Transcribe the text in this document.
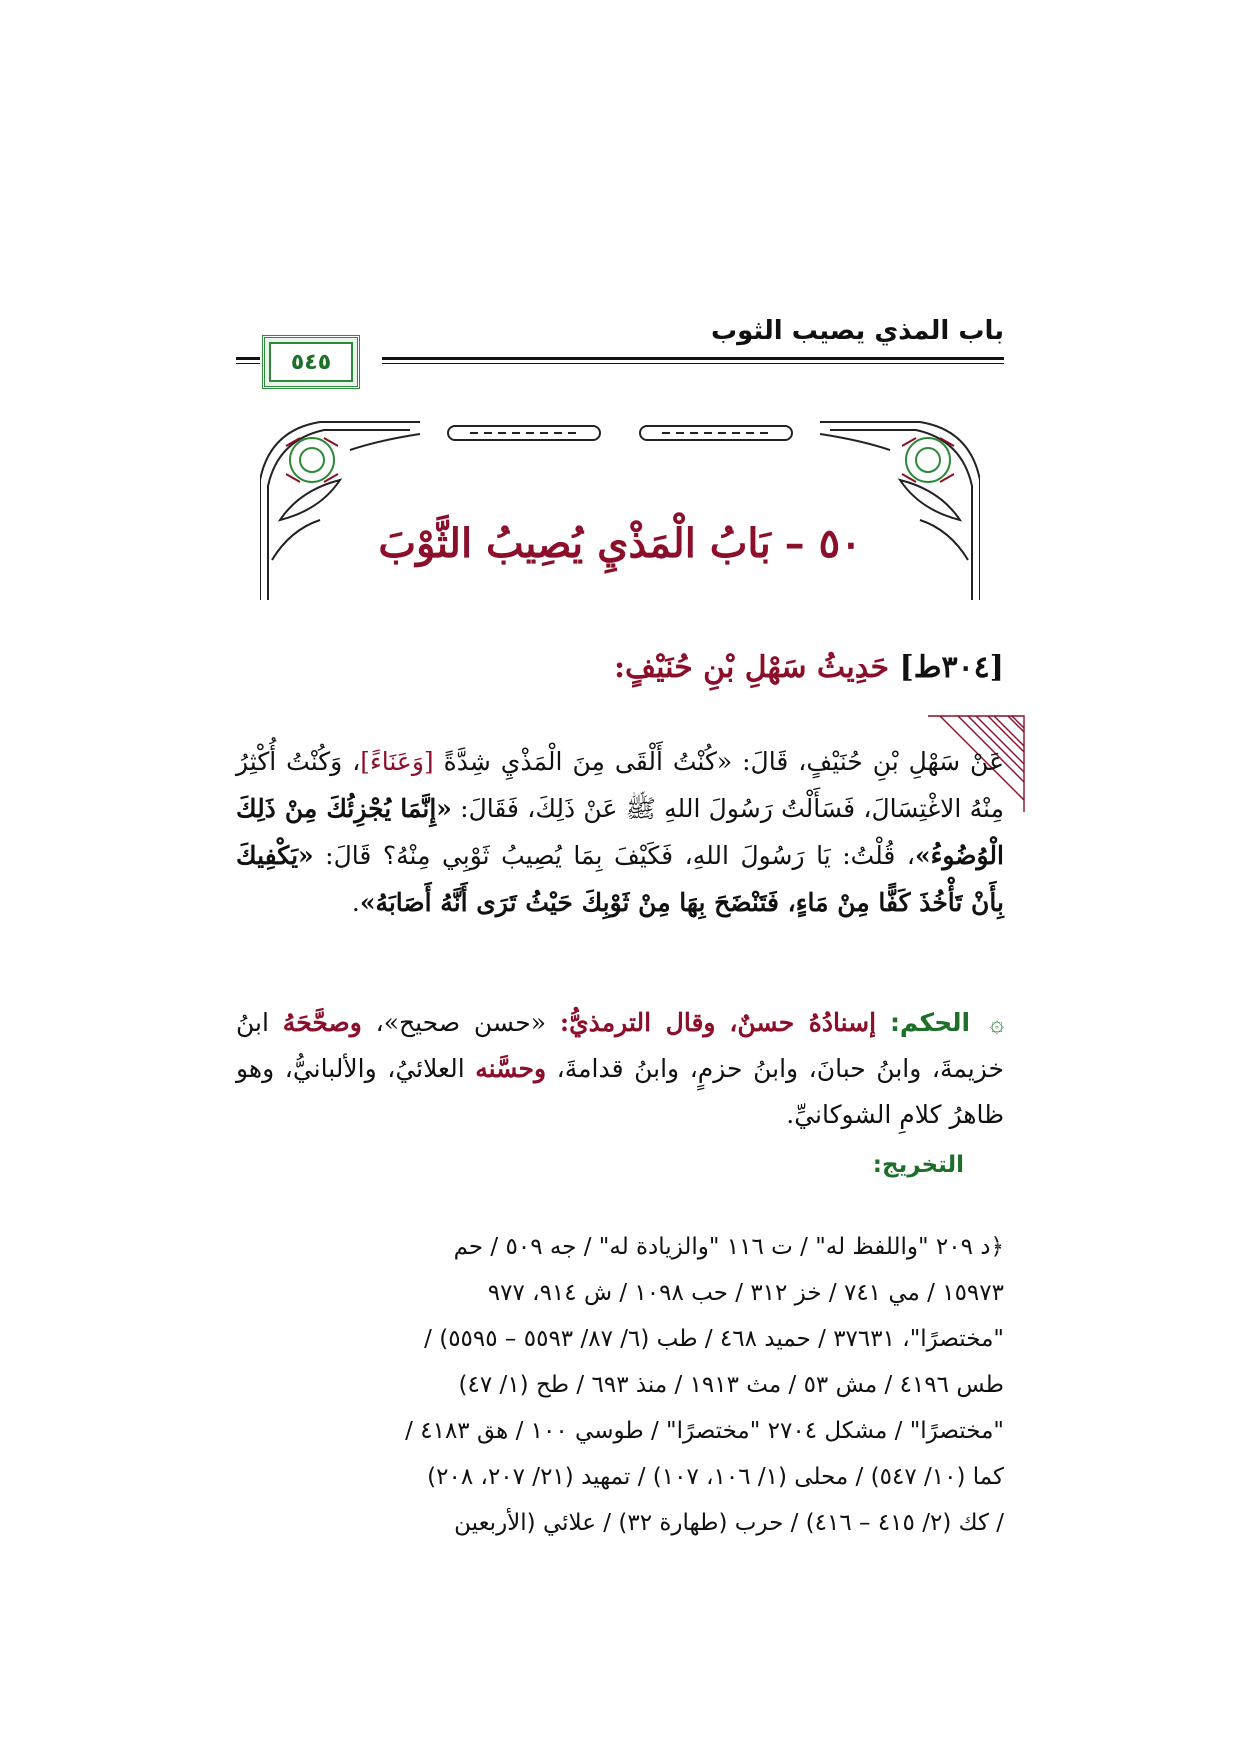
باب المذي يصيب الثوب
٥٤٥
٥٠ – بَابُ الْمَذْيِ يُصِيبُ الثَّوْبَ
[٣٠٤ط] حَدِيثُ سَهْلِ بْنِ حُنَيْفٍ:
عَنْ سَهْلِ بْنِ حُنَيْفٍ، قَالَ: «كُنْتُ أَلْقَى مِنَ الْمَذْيِ شِدَّةً [وَعَنَاءً]، وَكُنْتُ أُكْثِرُ مِنْهُ الاغْتِسَالَ، فَسَأَلْتُ رَسُولَ اللهِ ﷺ عَنْ ذَلِكَ، فَقَالَ: «إِنَّمَا يُجْزِئُكَ مِنْ ذَلِكَ الْوُضُوءُ»، قُلْتُ: يَا رَسُولَ اللهِ، فَكَيْفَ بِمَا يُصِيبُ ثَوْبِي مِنْهُ؟ قَالَ: «يَكْفِيكَ بِأَنْ تَأْخُذَ كَفًّا مِنْ مَاءٍ، فَتَنْضَحَ بِهَا مِنْ ثَوْبِكَ حَيْثُ تَرَى أَنَّهُ أَصَابَهُ».
۞ الحكم: إسنادُهُ حسنٌ، وقال الترمذيُّ: «حسن صحيح»، وصحَّحَهُ ابنُ خزيمةَ، وابنُ حبانَ، وابنُ حزمٍ، وابنُ قدامةَ، وحسَّنه العلائيُ، والألبانيُّ، وهو ظاهرُ كلامِ الشوكانيِّ.
التخريج:
﴿د ٢٠٩ "واللفظ له" / ت ١١٦ "والزيادة له" / جه ٥٠٩ / حم
١٥٩٧٣ / مي ٧٤١ / خز ٣١٢ / حب ١٠٩٨ / ش ٩١٤، ٩٧٧
"مختصرًا"، ٣٧٦٣١ / حميد ٤٦٨ / طب (٦/ ٨٧/ ٥٥٩٣ – ٥٥٩٥) /
طس ٤١٩٦ / مش ٥٣ / مث ١٩١٣ / منذ ٦٩٣ / طح (١/ ٤٧)
"مختصرًا" / مشكل ٢٧٠٤ "مختصرًا" / طوسي ١٠٠ / هق ٤١٨٣ /
كما (١٠/ ٥٤٧) / محلى (١/ ١٠٦، ١٠٧) / تمهيد (٢١/ ٢٠٧، ٢٠٨)
/ كك (٢/ ٤١٥ – ٤١٦) / حرب (طهارة ٣٢) / علائي (الأربعين
